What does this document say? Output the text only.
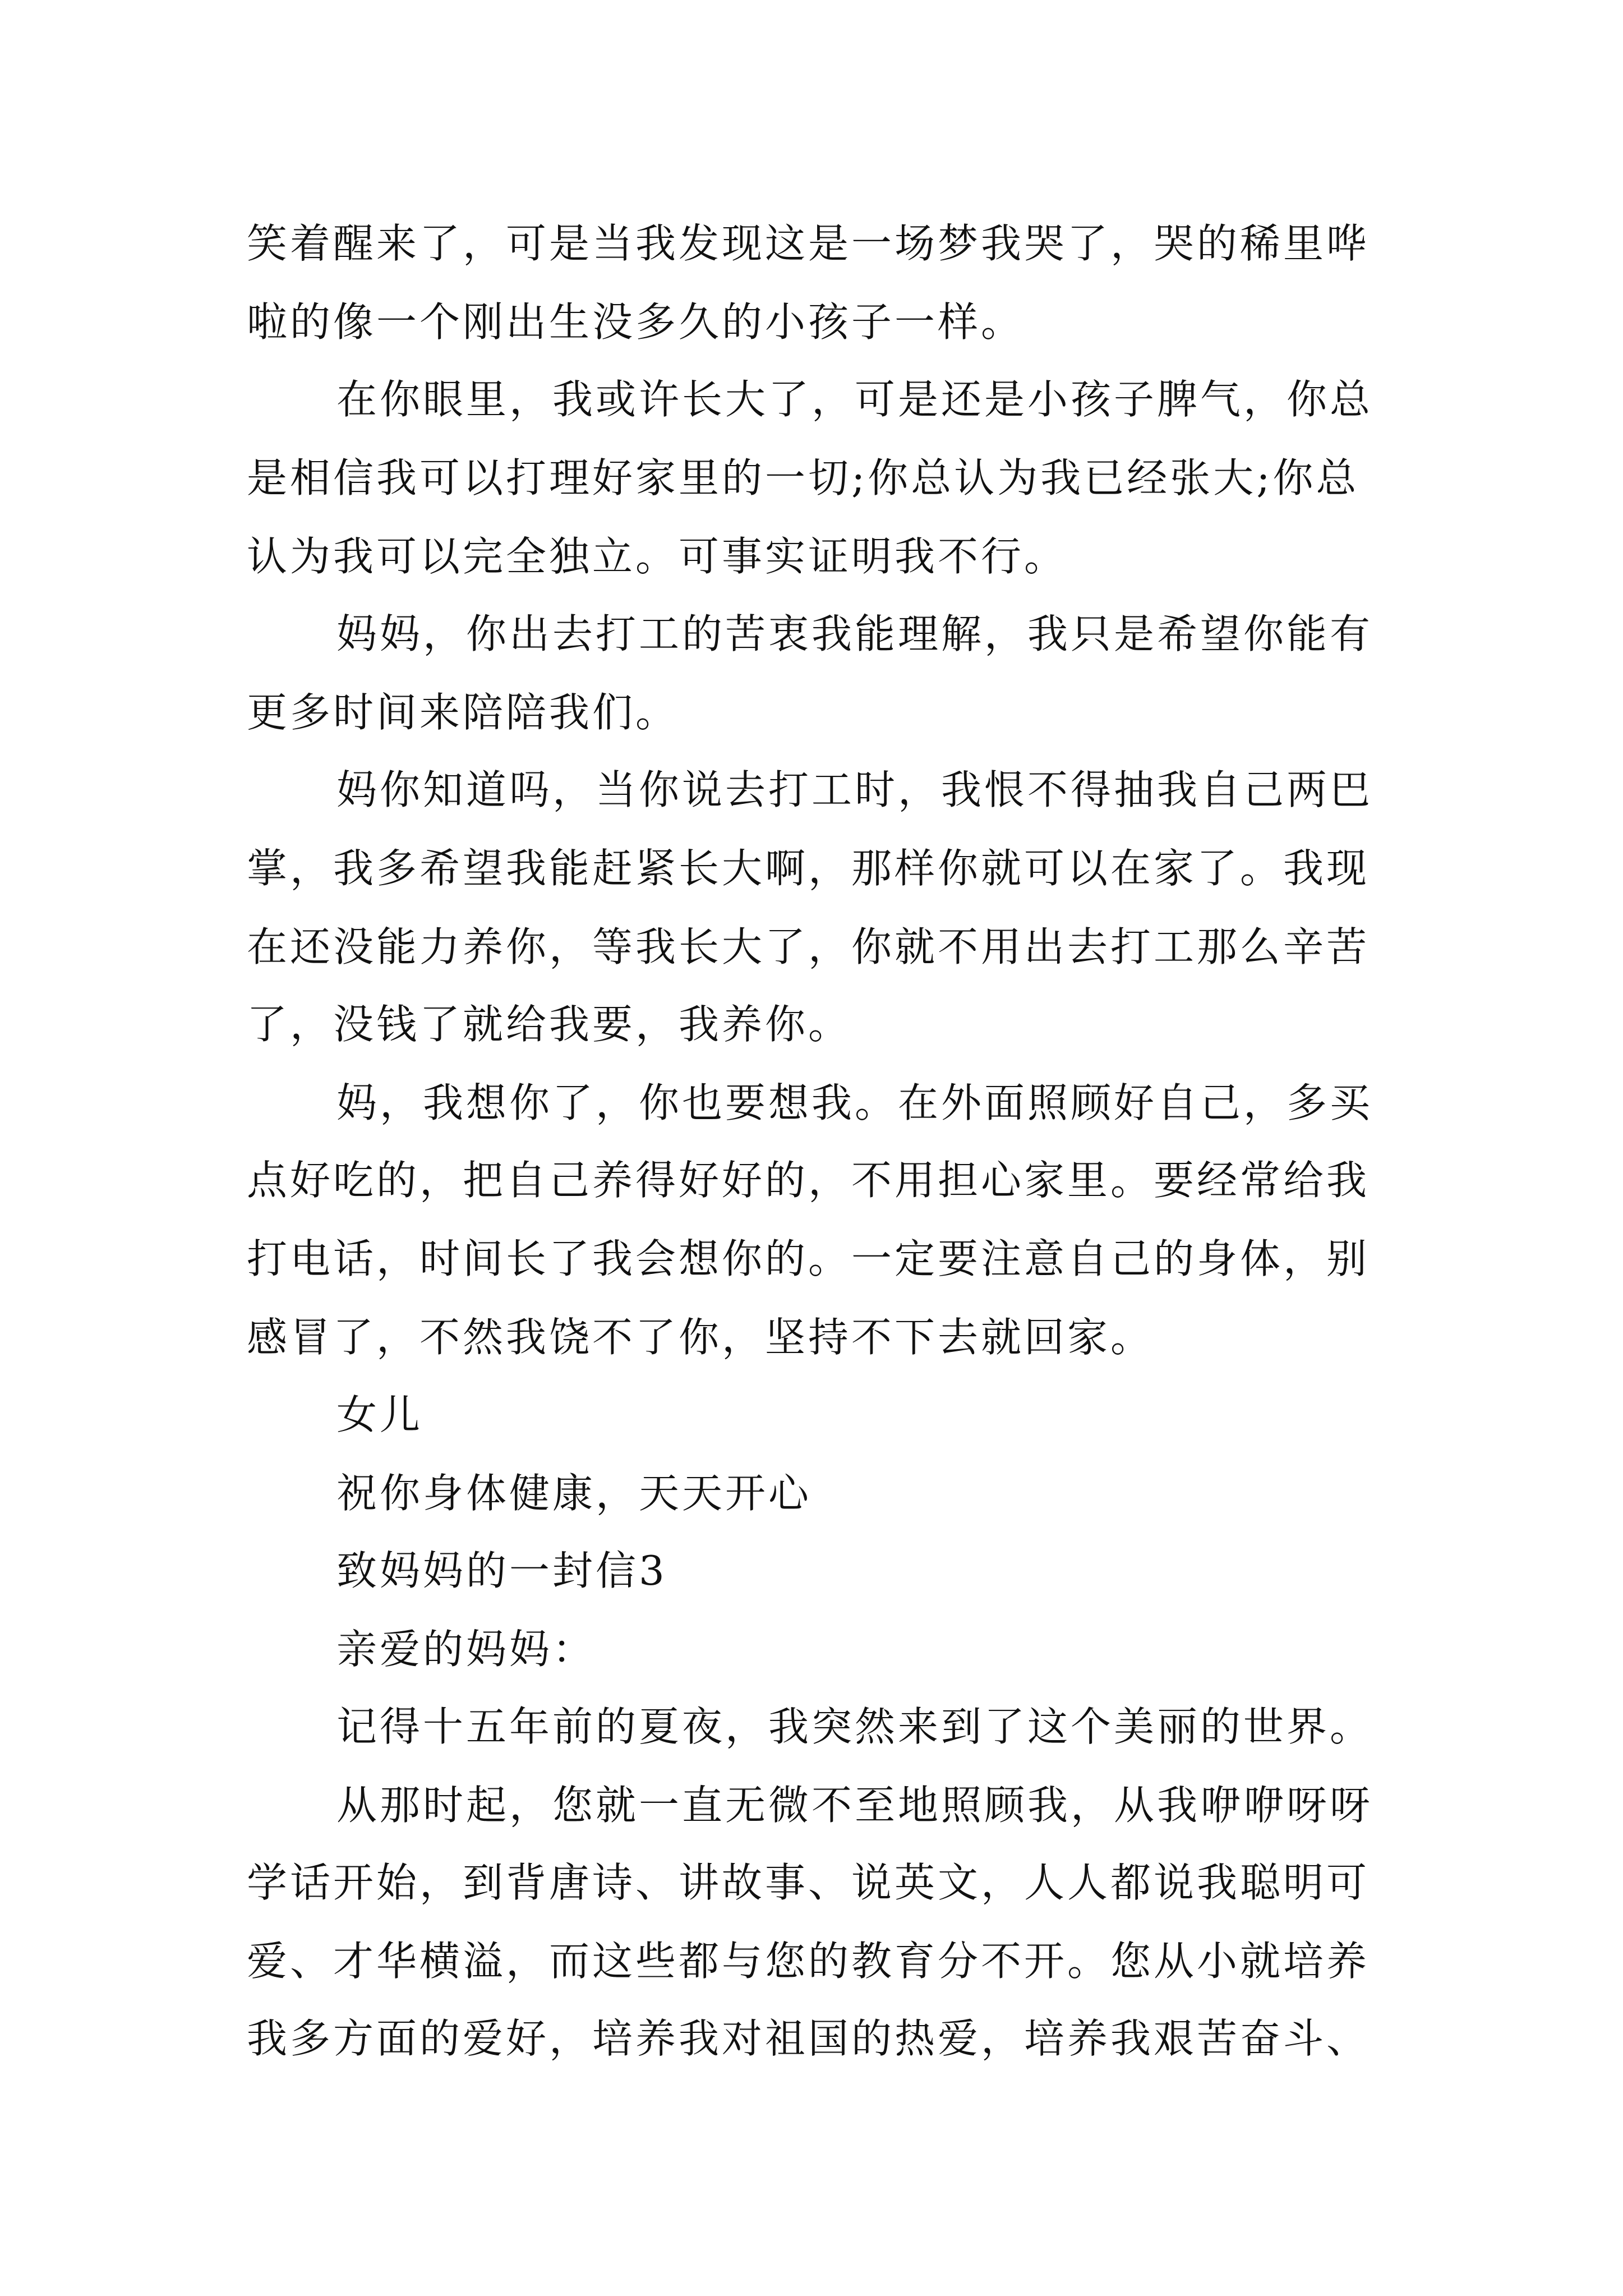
笑着醒来了，可是当我发现这是一场梦我哭了，哭的稀里哗
啦的像一个刚出生没多久的小孩子一样。
在你眼里，我或许长大了，可是还是小孩子脾气，你总
是相信我可以打理好家里的一切;你总认为我已经张大;你总
认为我可以完全独立。可事实证明我不行。
妈妈，你出去打工的苦衷我能理解，我只是希望你能有
更多时间来陪陪我们。
妈你知道吗，当你说去打工时，我恨不得抽我自己两巴
掌，我多希望我能赶紧长大啊，那样你就可以在家了。我现
在还没能力养你，等我长大了，你就不用出去打工那么辛苦
了，没钱了就给我要，我养你。
妈，我想你了，你也要想我。在外面照顾好自己，多买
点好吃的，把自己养得好好的，不用担心家里。要经常给我
打电话，时间长了我会想你的。一定要注意自己的身体，别
感冒了，不然我饶不了你，坚持不下去就回家。
女儿
祝你身体健康，天天开心
致妈妈的一封信3
亲爱的妈妈：
记得十五年前的夏夜，我突然来到了这个美丽的世界。
从那时起，您就一直无微不至地照顾我，从我咿咿呀呀
学话开始，到背唐诗、讲故事、说英文，人人都说我聪明可
爱、才华横溢，而这些都与您的教育分不开。您从小就培养
我多方面的爱好，培养我对祖国的热爱，培养我艰苦奋斗、
